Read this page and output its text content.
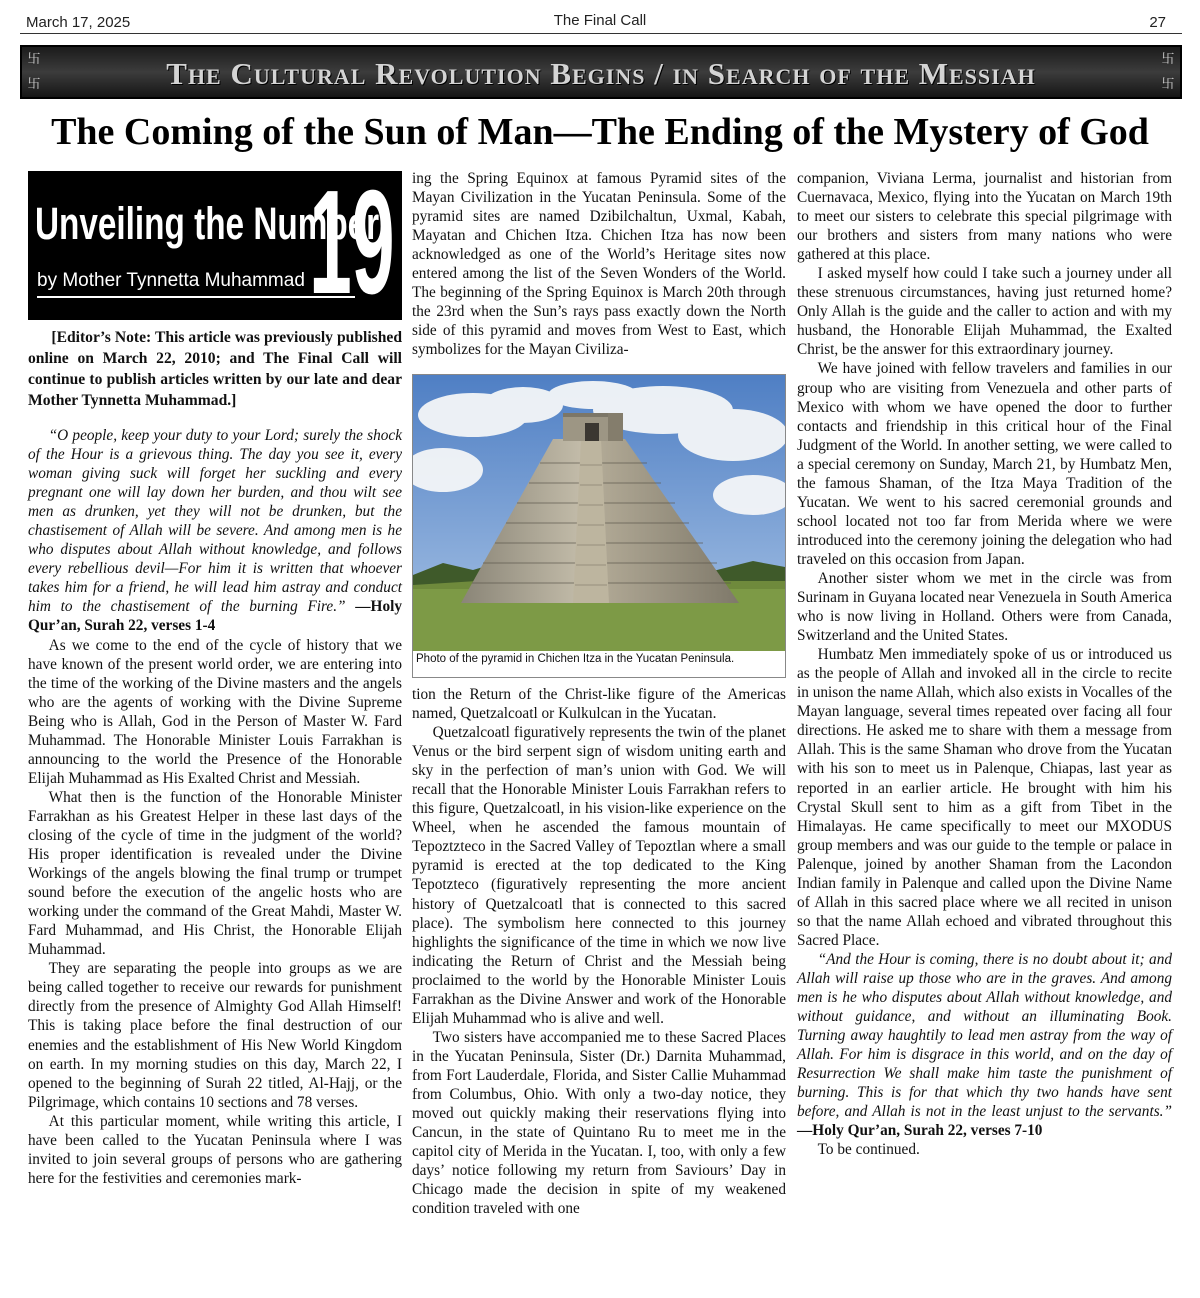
March 17, 2025	The Final Call	27
卐
卐	The Cultural Revolution Begins / in Search of the Messiah	卐
卐
The Coming of the Sun of Man—The Ending of the Mystery of God
Unveiling the Number
by Mother Tynnetta Muhammad 19
[Editor’s Note: This article was previously published online on March 22, 2010; and The Final Call will continue to publish articles written by our late and dear Mother Tynnetta Muhammad.]

“O people, keep your duty to your Lord; surely the shock of the Hour is a grievous thing. The day you see it, every woman giving suck will forget her suckling and every pregnant one will lay down her burden, and thou wilt see men as drunken, yet they will not be drunken, but the chastisement of Allah will be severe. And among men is he who disputes about Allah without knowledge, and follows every rebellious devil—For him it is written that whoever takes him for a friend, he will lead him astray and conduct him to the chastisement of the burning Fire.” —Holy Qur’an, Surah 22, verses 1-4

As we come to the end of the cycle of history that we have known of the present world order, we are entering into the time of the working of the Divine masters and the angels who are the agents of working with the Divine Supreme Being who is Allah, God in the Person of Master W. Fard Muhammad. The Honorable Minister Louis Farrakhan is announcing to the world the Presence of the Honorable Elijah Muhammad as His Exalted Christ and Messiah.

What then is the function of the Honorable Minister Farrakhan as his Greatest Helper in these last days of the closing of the cycle of time in the judgment of the world? His proper identification is revealed under the Divine Workings of the angels blowing the final trump or trumpet sound before the execution of the angelic hosts who are working under the command of the Great Mahdi, Master W. Fard Muhammad, and His Christ, the Honorable Elijah Muhammad.

They are separating the people into groups as we are being called together to receive our rewards for punishment directly from the presence of Almighty God Allah Himself! This is taking place before the final destruction of our enemies and the establishment of His New World Kingdom on earth. In my morning studies on this day, March 22, I opened to the beginning of Surah 22 titled, Al-Hajj, or the Pilgrimage, which contains 10 sections and 78 verses.

At this particular moment, while writing this article, I have been called to the Yucatan Peninsula where I was invited to join several groups of persons who are gathering here for the festivities and ceremonies mark-

ing the Spring Equinox at famous Pyramid sites of the Mayan Civilization in the Yucatan Peninsula. Some of the pyramid sites are named Dzibilchaltun, Uxmal, Kabah, Mayatan and Chichen Itza. Chichen Itza has now been acknowledged as one of the World’s Heritage sites now entered among the list of the Seven Wonders of the World. The beginning of the Spring Equinox is March 20th through the 23rd when the Sun’s rays pass exactly down the North side of this pyramid and moves from West to East, which symbolizes for the Mayan Civiliza-

Photo of the pyramid in Chichen Itza in the Yucatan Peninsula.

tion the Return of the Christ-like figure of the Americas named, Quetzalcoatl or Kulkulcan in the Yucatan.

Quetzalcoatl figuratively represents the twin of the planet Venus or the bird serpent sign of wisdom uniting earth and sky in the perfection of man’s union with God. We will recall that the Honorable Minister Louis Farrakhan refers to this figure, Quetzalcoatl, in his vision-like experience on the Wheel, when he ascended the famous mountain of Tepoztzteco in the Sacred Valley of Tepoztlan where a small pyramid is erected at the top dedicated to the King Tepotzteco (figuratively representing the more ancient history of Quetzalcoatl that is connected to this sacred place). The symbolism here connected to this journey highlights the significance of the time in which we now live indicating the Return of Christ and the Messiah being proclaimed to the world by the Honorable Minister Louis Farrakhan as the Divine Answer and work of the Honorable Elijah Muhammad who is alive and well.

Two sisters have accompanied me to these Sacred Places in the Yucatan Peninsula, Sister (Dr.) Darnita Muhammad, from Fort Lauderdale, Florida, and Sister Callie Muhammad from Columbus, Ohio. With only a two-day notice, they moved out quickly making their reservations flying into Cancun, in the state of Quintano Ru to meet me in the capitol city of Merida in the Yucatan. I, too, with only a few days’ notice following my return from Saviours’ Day in Chicago made the decision in spite of my weakened condition traveled with one

companion, Viviana Lerma, journalist and historian from Cuernavaca, Mexico, flying into the Yucatan on March 19th to meet our sisters to celebrate this special pilgrimage with our brothers and sisters from many nations who were gathered at this place.

I asked myself how could I take such a journey under all these strenuous circumstances, having just returned home? Only Allah is the guide and the caller to action and with my husband, the Honorable Elijah Muhammad, the Exalted Christ, be the answer for this extraordinary journey.

We have joined with fellow travelers and families in our group who are visiting from Venezuela and other parts of Mexico with whom we have opened the door to further contacts and friendship in this critical hour of the Final Judgment of the World. In another setting, we were called to a special ceremony on Sunday, March 21, by Humbatz Men, the famous Shaman, of the Itza Maya Tradition of the Yucatan. We went to his sacred ceremonial grounds and school located not too far from Merida where we were introduced into the ceremony joining the delegation who had traveled on this occasion from Japan.

Another sister whom we met in the circle was from Surinam in Guyana located near Venezuela in South America who is now living in Holland. Others were from Canada, Switzerland and the United States.

Humbatz Men immediately spoke of us or introduced us as the people of Allah and invoked all in the circle to recite in unison the name Allah, which also exists in Vocalles of the Mayan language, several times repeated over facing all four directions. He asked me to share with them a message from Allah. This is the same Shaman who drove from the Yucatan with his son to meet us in Palenque, Chiapas, last year as reported in an earlier article. He brought with him his Crystal Skull sent to him as a gift from Tibet in the Himalayas. He came specifically to meet our MXODUS group members and was our guide to the temple or palace in Palenque, joined by another Shaman from the Lacondon Indian family in Palenque and called upon the Divine Name of Allah in this sacred place where we all recited in unison so that the name Allah echoed and vibrated throughout this Sacred Place.

“And the Hour is coming, there is no doubt about it; and Allah will raise up those who are in the graves. And among men is he who disputes about Allah without knowledge, and without guidance, and without an illuminating Book. Turning away haughtily to lead men astray from the way of Allah. For him is disgrace in this world, and on the day of Resurrection We shall make him taste the punishment of burning. This is for that which thy two hands have sent before, and Allah is not in the least unjust to the servants.” —Holy Qur’an, Surah 22, verses 7-10

To be continued.
